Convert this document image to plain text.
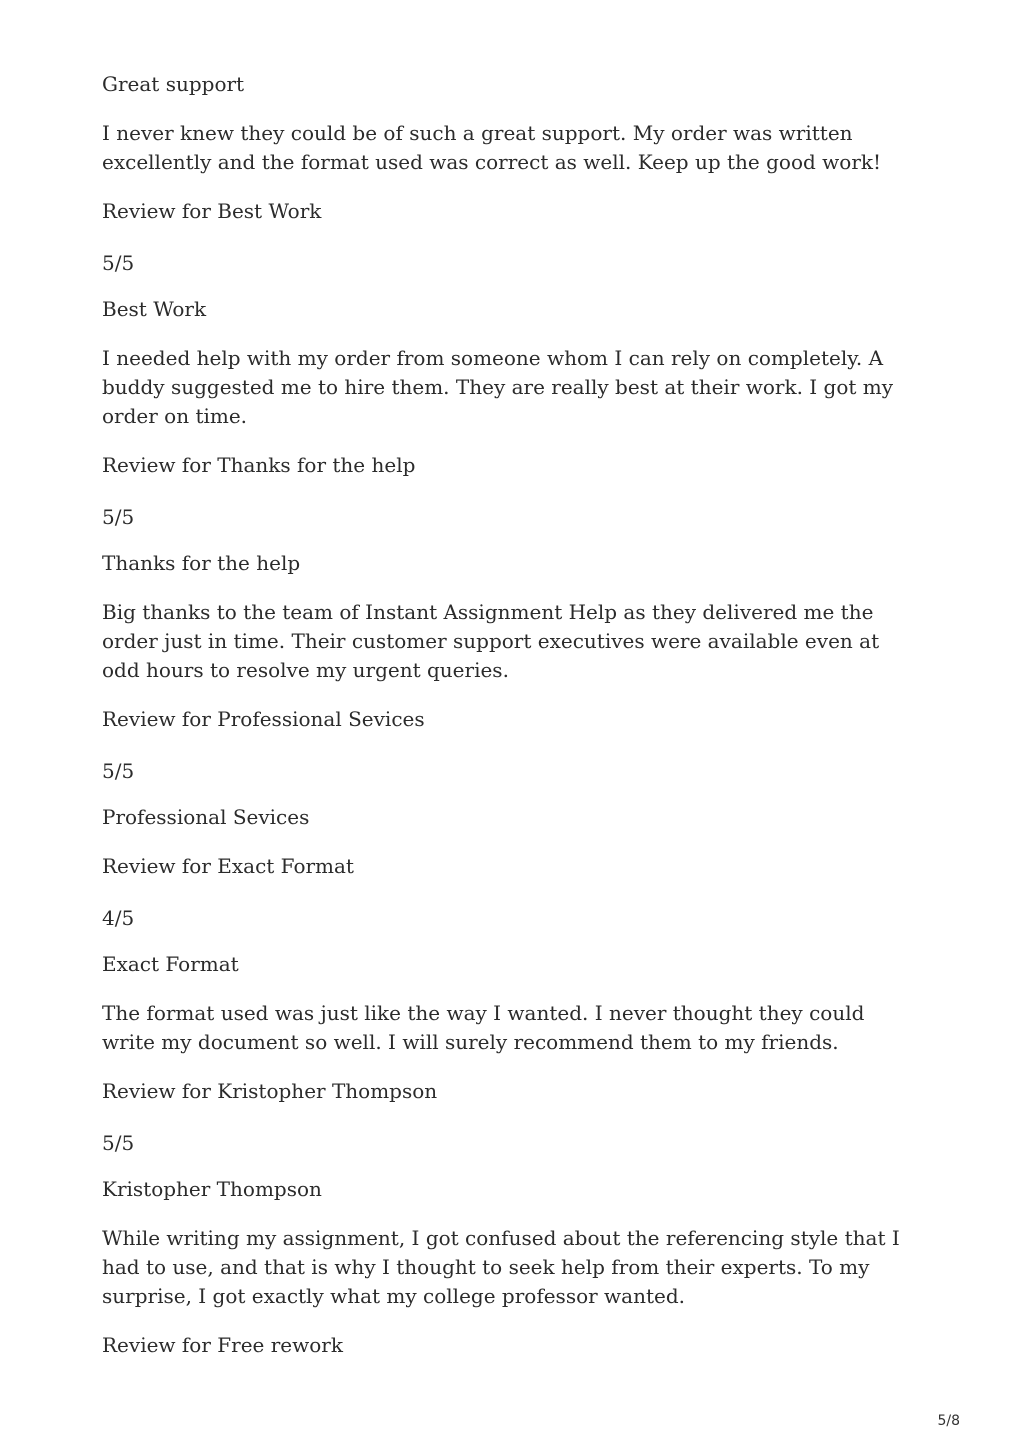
Great support

I never knew they could be of such a great support. My order was written excellently and the format used was correct as well. Keep up the good work!

Review for Best Work

5/5

Best Work

I needed help with my order from someone whom I can rely on completely. A buddy suggested me to hire them. They are really best at their work. I got my order on time.

Review for Thanks for the help

5/5

Thanks for the help

Big thanks to the team of Instant Assignment Help as they delivered me the order just in time. Their customer support executives were available even at odd hours to resolve my urgent queries.

Review for Professional Sevices

5/5

Professional Sevices

Review for Exact Format

4/5

Exact Format

The format used was just like the way I wanted. I never thought they could write my document so well. I will surely recommend them to my friends.

Review for Kristopher Thompson

5/5

Kristopher Thompson

While writing my assignment, I got confused about the referencing style that I had to use, and that is why I thought to seek help from their experts. To my surprise, I got exactly what my college professor wanted.

Review for Free rework

5/8
